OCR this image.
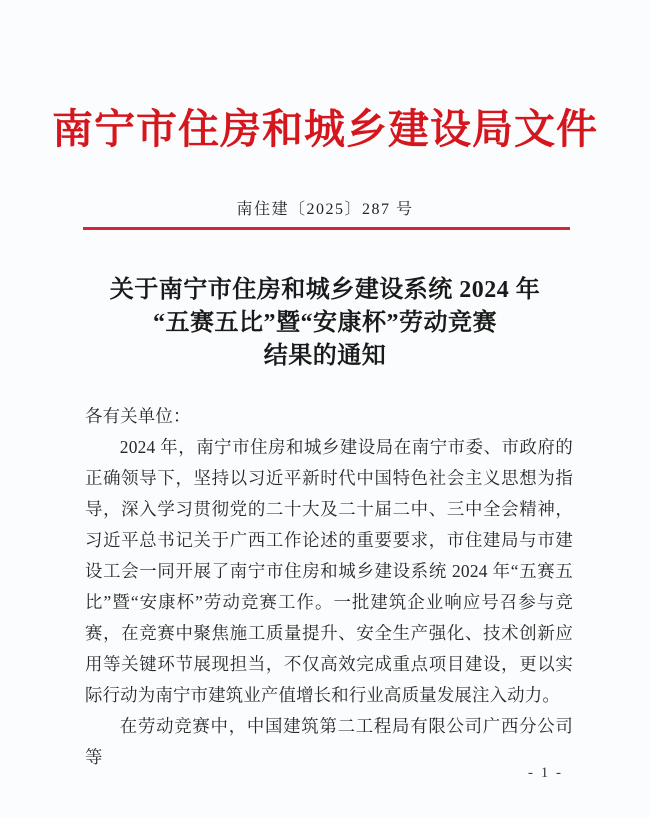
南宁市住房和城乡建设局文件
南住建〔2025〕287 号
关于南宁市住房和城乡建设系统 2024 年
“五赛五比”暨“安康杯”劳动竞赛
结果的通知

各有关单位：

2024 年，南宁市住房和城乡建设局在南宁市委、市政府的正确领导下，坚持以习近平新时代中国特色社会主义思想为指导，深入学习贯彻党的二十大及二十届二中、三中全会精神，习近平总书记关于广西工作论述的重要要求，市住建局与市建设工会一同开展了南宁市住房和城乡建设系统 2024 年“五赛五比”暨“安康杯”劳动竞赛工作。一批建筑企业响应号召参与竞赛，在竞赛中聚焦施工质量提升、安全生产强化、技术创新应用等关键环节展现担当，不仅高效完成重点项目建设，更以实际行动为南宁市建筑业产值增长和行业高质量发展注入动力。

在劳动竞赛中，中国建筑第二工程局有限公司广西分公司等

- 1 -
